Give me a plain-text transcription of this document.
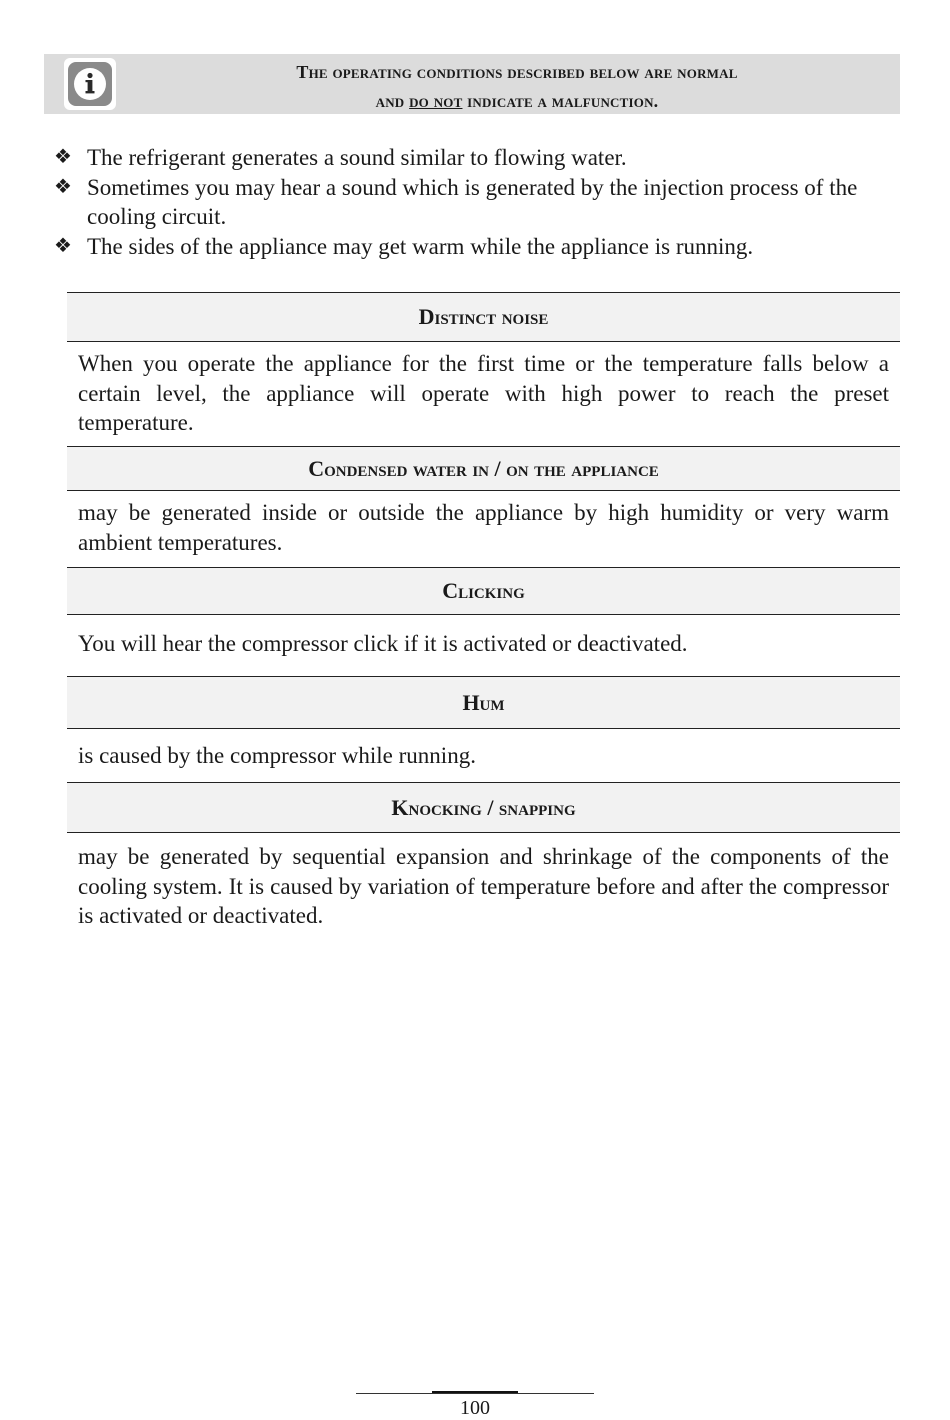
The operating conditions described below are normal
and do not indicate a malfunction.
❖ The refrigerant generates a sound similar to flowing water.
❖ Sometimes you may hear a sound which is generated by the injection process of the cooling circuit.
❖ The sides of the appliance may get warm while the appliance is running.
Distinct noise
When you operate the appliance for the first time or the temperature falls below a certain level, the appliance will operate with high power to reach the preset temperature.
Condensed water in / on the appliance
may be generated inside or outside the appliance by high humidity or very warm ambient temperatures.
Clicking
You will hear the compressor click if it is activated or deactivated.
Hum
is caused by the compressor while running.
Knocking / snapping
may be generated by sequential expansion and shrinkage of the components of the cooling system. It is caused by variation of temperature before and after the compressor is activated or deactivated.
100
